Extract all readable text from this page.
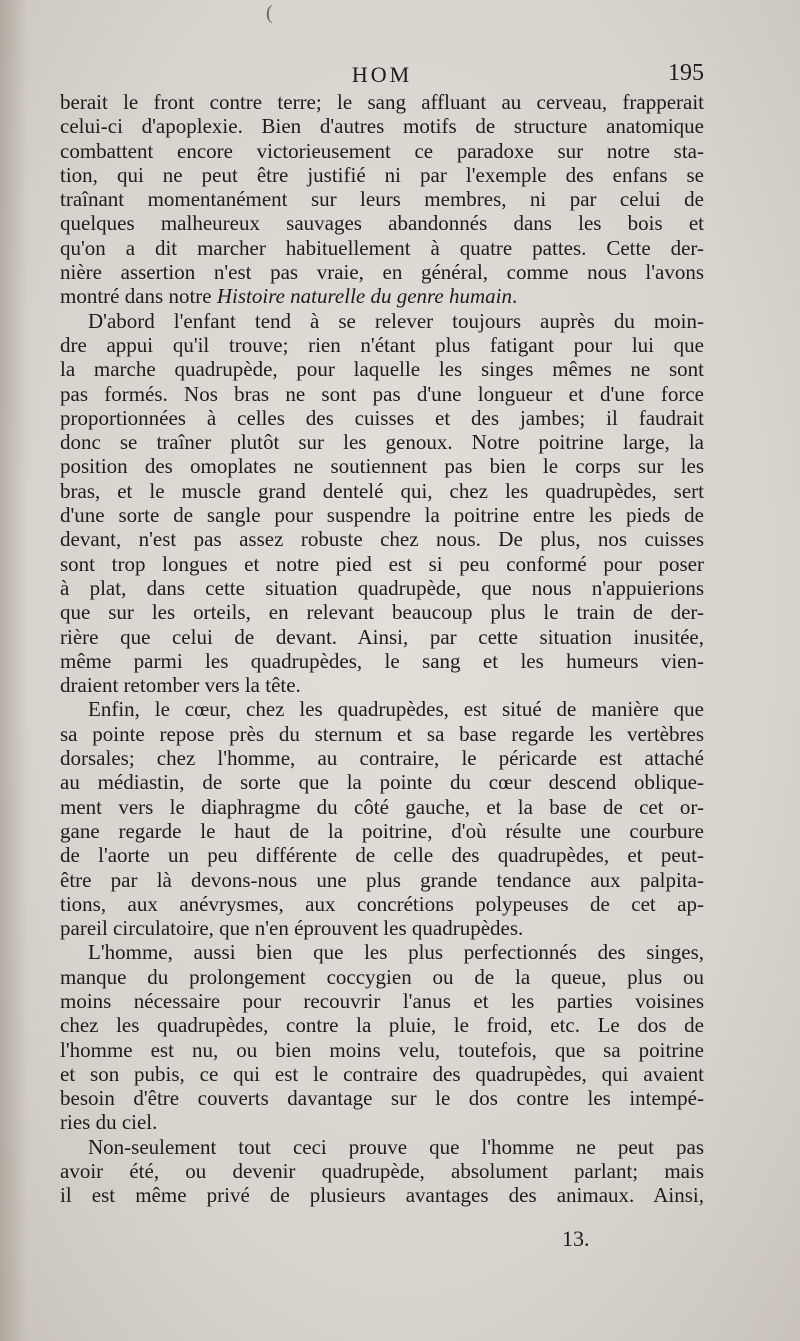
(
HOM	195

berait le front contre terre; le sang affluant au cerveau, frapperait
celui-ci d'apoplexie. Bien d'autres motifs de structure anatomique
combattent encore victorieusement ce paradoxe sur notre sta-
tion, qui ne peut être justifié ni par l'exemple des enfans se
traînant momentanément sur leurs membres, ni par celui de
quelques malheureux sauvages abandonnés dans les bois et
qu'on a dit marcher habituellement à quatre pattes. Cette der-
nière assertion n'est pas vraie, en général, comme nous l'avons
montré dans notre Histoire naturelle du genre humain.

D'abord l'enfant tend à se relever toujours auprès du moin-
dre appui qu'il trouve; rien n'étant plus fatigant pour lui que
la marche quadrupède, pour laquelle les singes mêmes ne sont
pas formés. Nos bras ne sont pas d'une longueur et d'une force
proportionnées à celles des cuisses et des jambes; il faudrait
donc se traîner plutôt sur les genoux. Notre poitrine large, la
position des omoplates ne soutiennent pas bien le corps sur les
bras, et le muscle grand dentelé qui, chez les quadrupèdes, sert
d'une sorte de sangle pour suspendre la poitrine entre les pieds de
devant, n'est pas assez robuste chez nous. De plus, nos cuisses
sont trop longues et notre pied est si peu conformé pour poser
à plat, dans cette situation quadrupède, que nous n'appuierions
que sur les orteils, en relevant beaucoup plus le train de der-
rière que celui de devant. Ainsi, par cette situation inusitée,
même parmi les quadrupèdes, le sang et les humeurs vien-
draient retomber vers la tête.

Enfin, le cœur, chez les quadrupèdes, est situé de manière que
sa pointe repose près du sternum et sa base regarde les vertèbres
dorsales; chez l'homme, au contraire, le péricarde est attaché
au médiastin, de sorte que la pointe du cœur descend oblique-
ment vers le diaphragme du côté gauche, et la base de cet or-
gane regarde le haut de la poitrine, d'où résulte une courbure
de l'aorte un peu différente de celle des quadrupèdes, et peut-
être par là devons-nous une plus grande tendance aux palpita-
tions, aux anévrysmes, aux concrétions polypeuses de cet ap-
pareil circulatoire, que n'en éprouvent les quadrupèdes.

L'homme, aussi bien que les plus perfectionnés des singes,
manque du prolongement coccygien ou de la queue, plus ou
moins nécessaire pour recouvrir l'anus et les parties voisines
chez les quadrupèdes, contre la pluie, le froid, etc. Le dos de
l'homme est nu, ou bien moins velu, toutefois, que sa poitrine
et son pubis, ce qui est le contraire des quadrupèdes, qui avaient
besoin d'être couverts davantage sur le dos contre les intempé-
ries du ciel.

Non-seulement tout ceci prouve que l'homme ne peut pas
avoir été, ou devenir quadrupède, absolument parlant; mais
il est même privé de plusieurs avantages des animaux. Ainsi,

13.
